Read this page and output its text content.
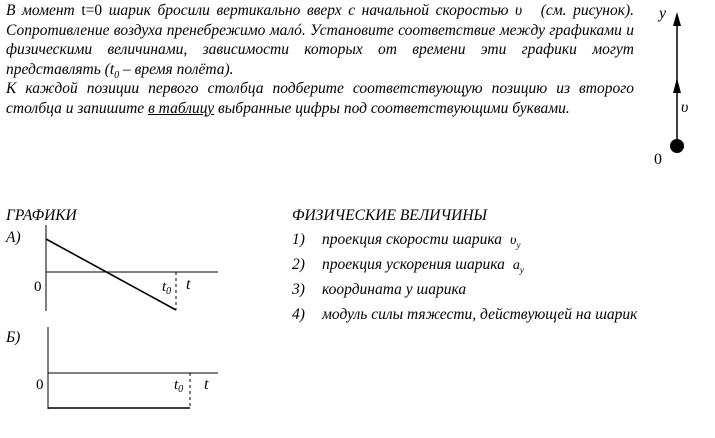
В момент t=0 шарик бросили вертикально вверх с начальной скоростью υ⃗ (см. рисунок). Сопротивление воздуха пренебрежимо малó. Установите соответствие между графиками и физическими величинами, зависимости которых от времени эти графики могут представлять ($t_0$ – время полёта).

К каждой позиции первого столбца подберите соответствующую позицию из второго столбца и запишите в таблицу выбранные цифры под соответствующими буквами.

y
υ⃗
0
ГРАФИКИ
А)
0	$t_0$ t
Б)
0	$t_0$ t
ФИЗИЧЕСКИЕ ВЕЛИЧИНЫ
1)	проекция скорости шарика $\upsilon_y$
2)	проекция ускорения шарика $a_y$
3)	координата y шарика
4)	модуль силы тяжести, действующей на шарик
